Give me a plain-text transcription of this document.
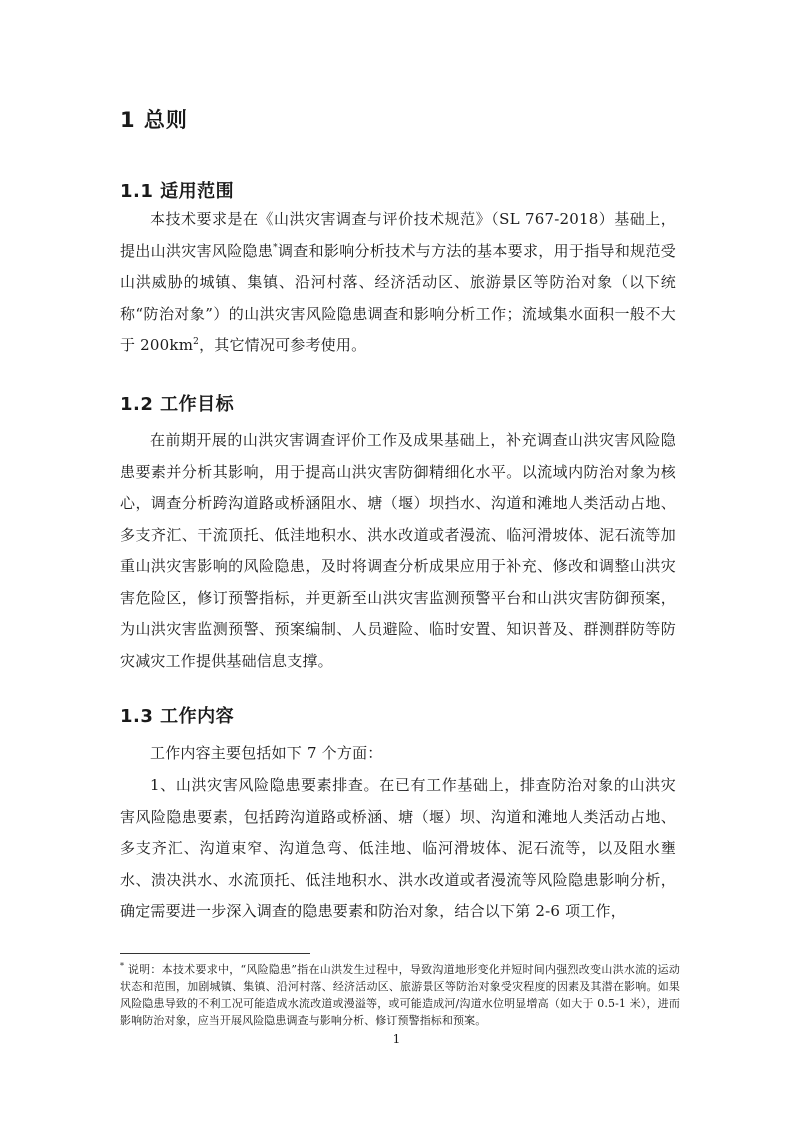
1 总则
1.1 适用范围

本技术要求是在《山洪灾害调查与评价技术规范》（SL 767-2018）基础上，提出山洪灾害风险隐患*调查和影响分析技术与方法的基本要求，用于指导和规范受山洪威胁的城镇、集镇、沿河村落、经济活动区、旅游景区等防治对象（以下统称“防治对象”）的山洪灾害风险隐患调查和影响分析工作；流域集水面积一般不大于 $200km^2$，其它情况可参考使用。

1.2 工作目标

在前期开展的山洪灾害调查评价工作及成果基础上，补充调查山洪灾害风险隐患要素并分析其影响，用于提高山洪灾害防御精细化水平。以流域内防治对象为核心，调查分析跨沟道路或桥涵阻水、塘（堰）坝挡水、沟道和滩地人类活动占地、多支齐汇、干流顶托、低洼地积水、洪水改道或者漫流、临河滑坡体、泥石流等加重山洪灾害影响的风险隐患，及时将调查分析成果应用于补充、修改和调整山洪灾害危险区，修订预警指标，并更新至山洪灾害监测预警平台和山洪灾害防御预案，为山洪灾害监测预警、预案编制、人员避险、临时安置、知识普及、群测群防等防灾减灾工作提供基础信息支撑。

1.3 工作内容

工作内容主要包括如下 7 个方面：

1、山洪灾害风险隐患要素排查。在已有工作基础上，排查防治对象的山洪灾害风险隐患要素，包括跨沟道路或桥涵、塘（堰）坝、沟道和滩地人类活动占地、多支齐汇、沟道束窄、沟道急弯、低洼地、临河滑坡体、泥石流等，以及阻水壅水、溃决洪水、水流顶托、低洼地积水、洪水改道或者漫流等风险隐患影响分析，确定需要进一步深入调查的隐患要素和防治对象，结合以下第 2-6 项工作，

* 说明：本技术要求中，“风险隐患”指在山洪发生过程中，导致沟道地形变化并短时间内强烈改变山洪水流的运动状态和范围，加剧城镇、集镇、沿河村落、经济活动区、旅游景区等防治对象受灾程度的因素及其潜在影响。如果风险隐患导致的不利工况可能造成水流改道或漫溢等，或可能造成河/沟道水位明显增高（如大于 0.5-1 米），进而影响防治对象，应当开展风险隐患调查与影响分析、修订预警指标和预案。

1
